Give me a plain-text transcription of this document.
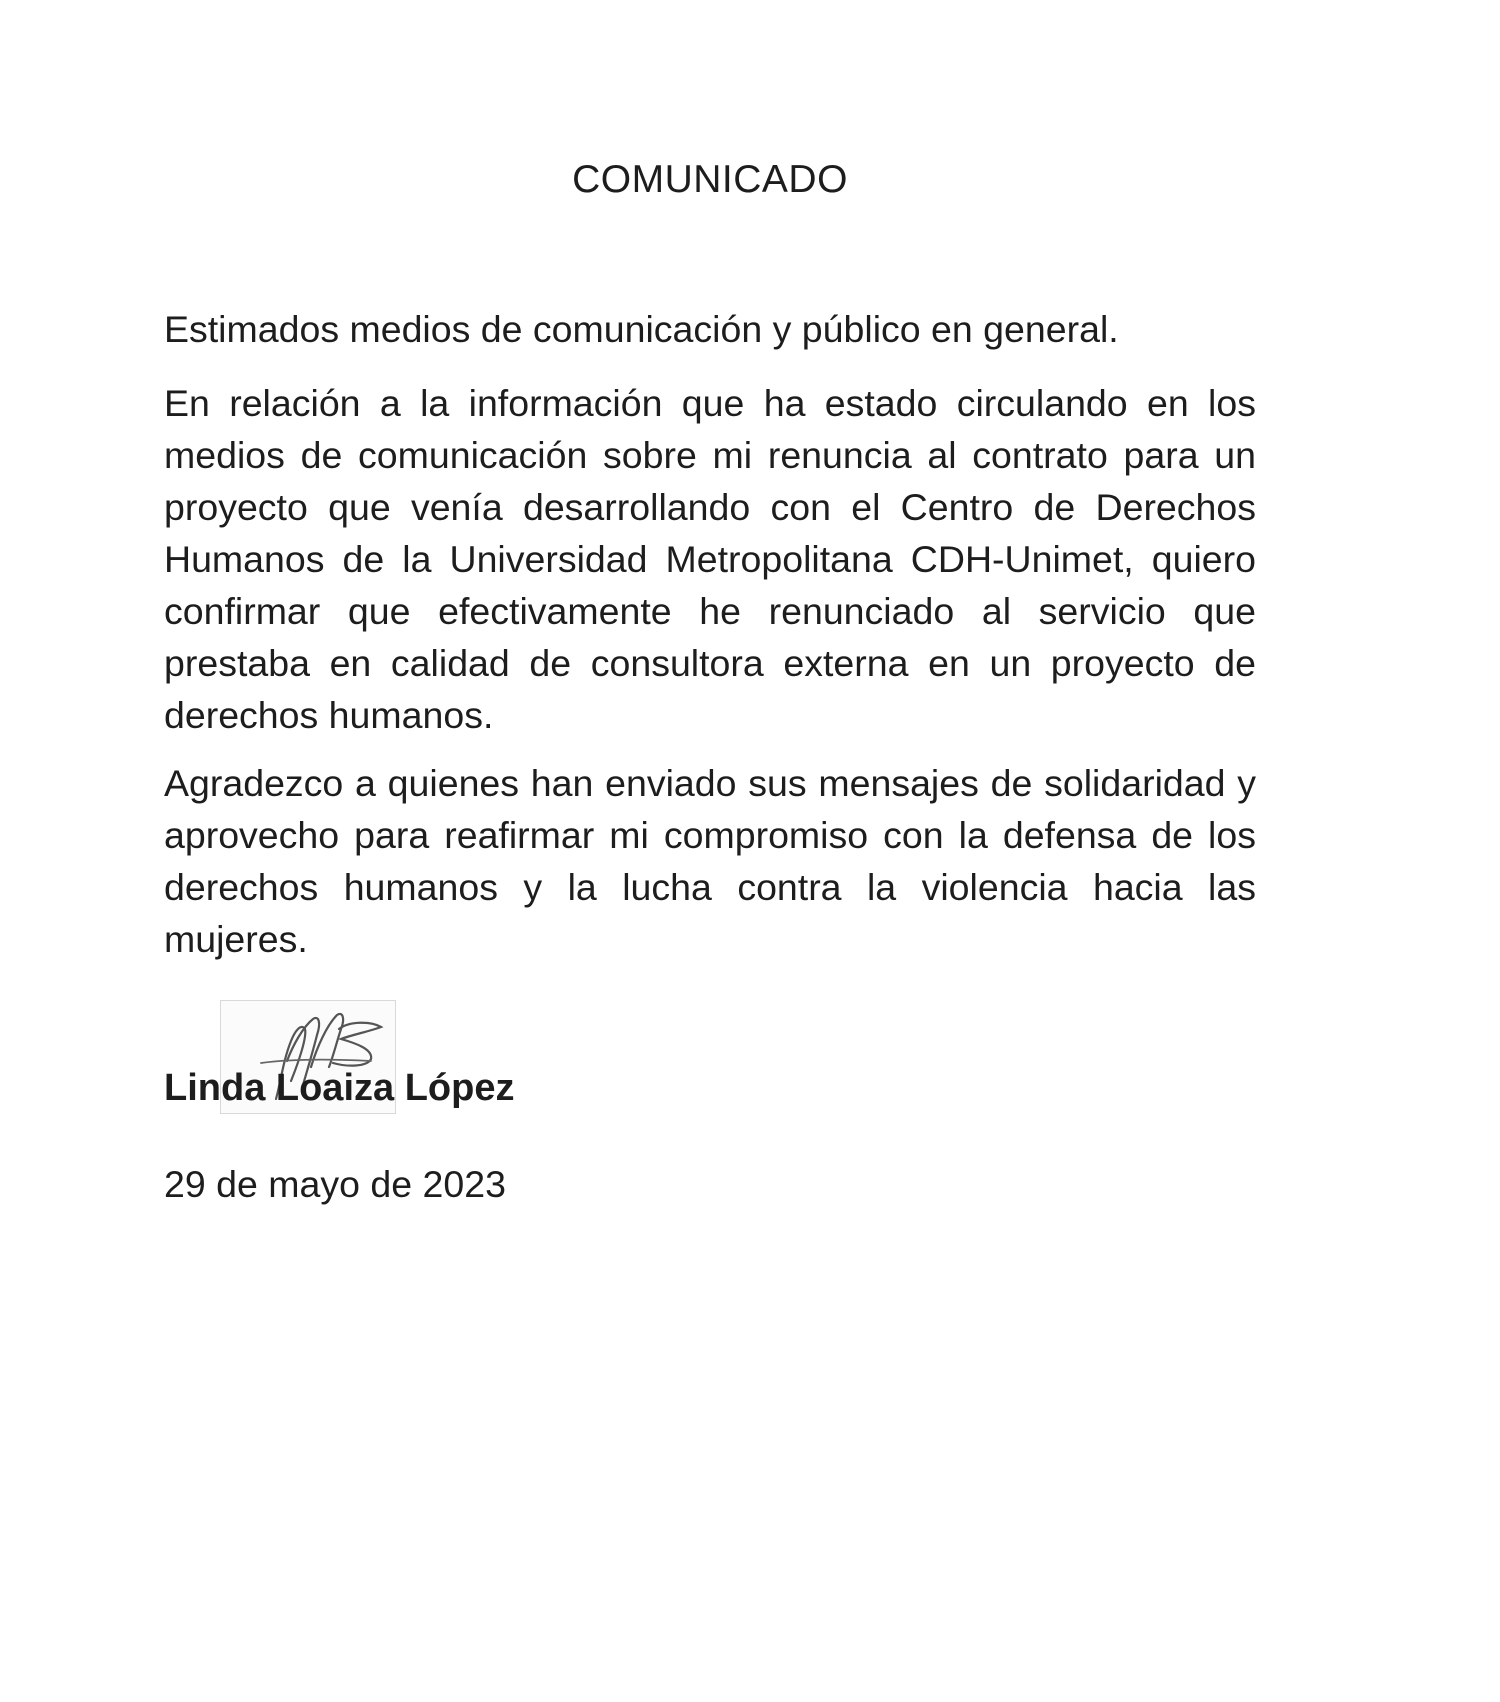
COMUNICADO

Estimados medios de comunicación y público en general.

En relación a la información que ha estado circulando en los medios de comunicación sobre mi renuncia al contrato para un proyecto que venía desarrollando con el Centro de Derechos Humanos de la Universidad Metropolitana CDH-Unimet, quiero confirmar que efectivamente he renunciado al servicio que prestaba en calidad de consultora externa en un proyecto de derechos humanos.

Agradezco a quienes han enviado sus mensajes de solidaridad y aprovecho para reafirmar mi compromiso con la defensa de los derechos humanos y la lucha contra la violencia hacia las mujeres.

Linda Loaiza López

29 de mayo de 2023
